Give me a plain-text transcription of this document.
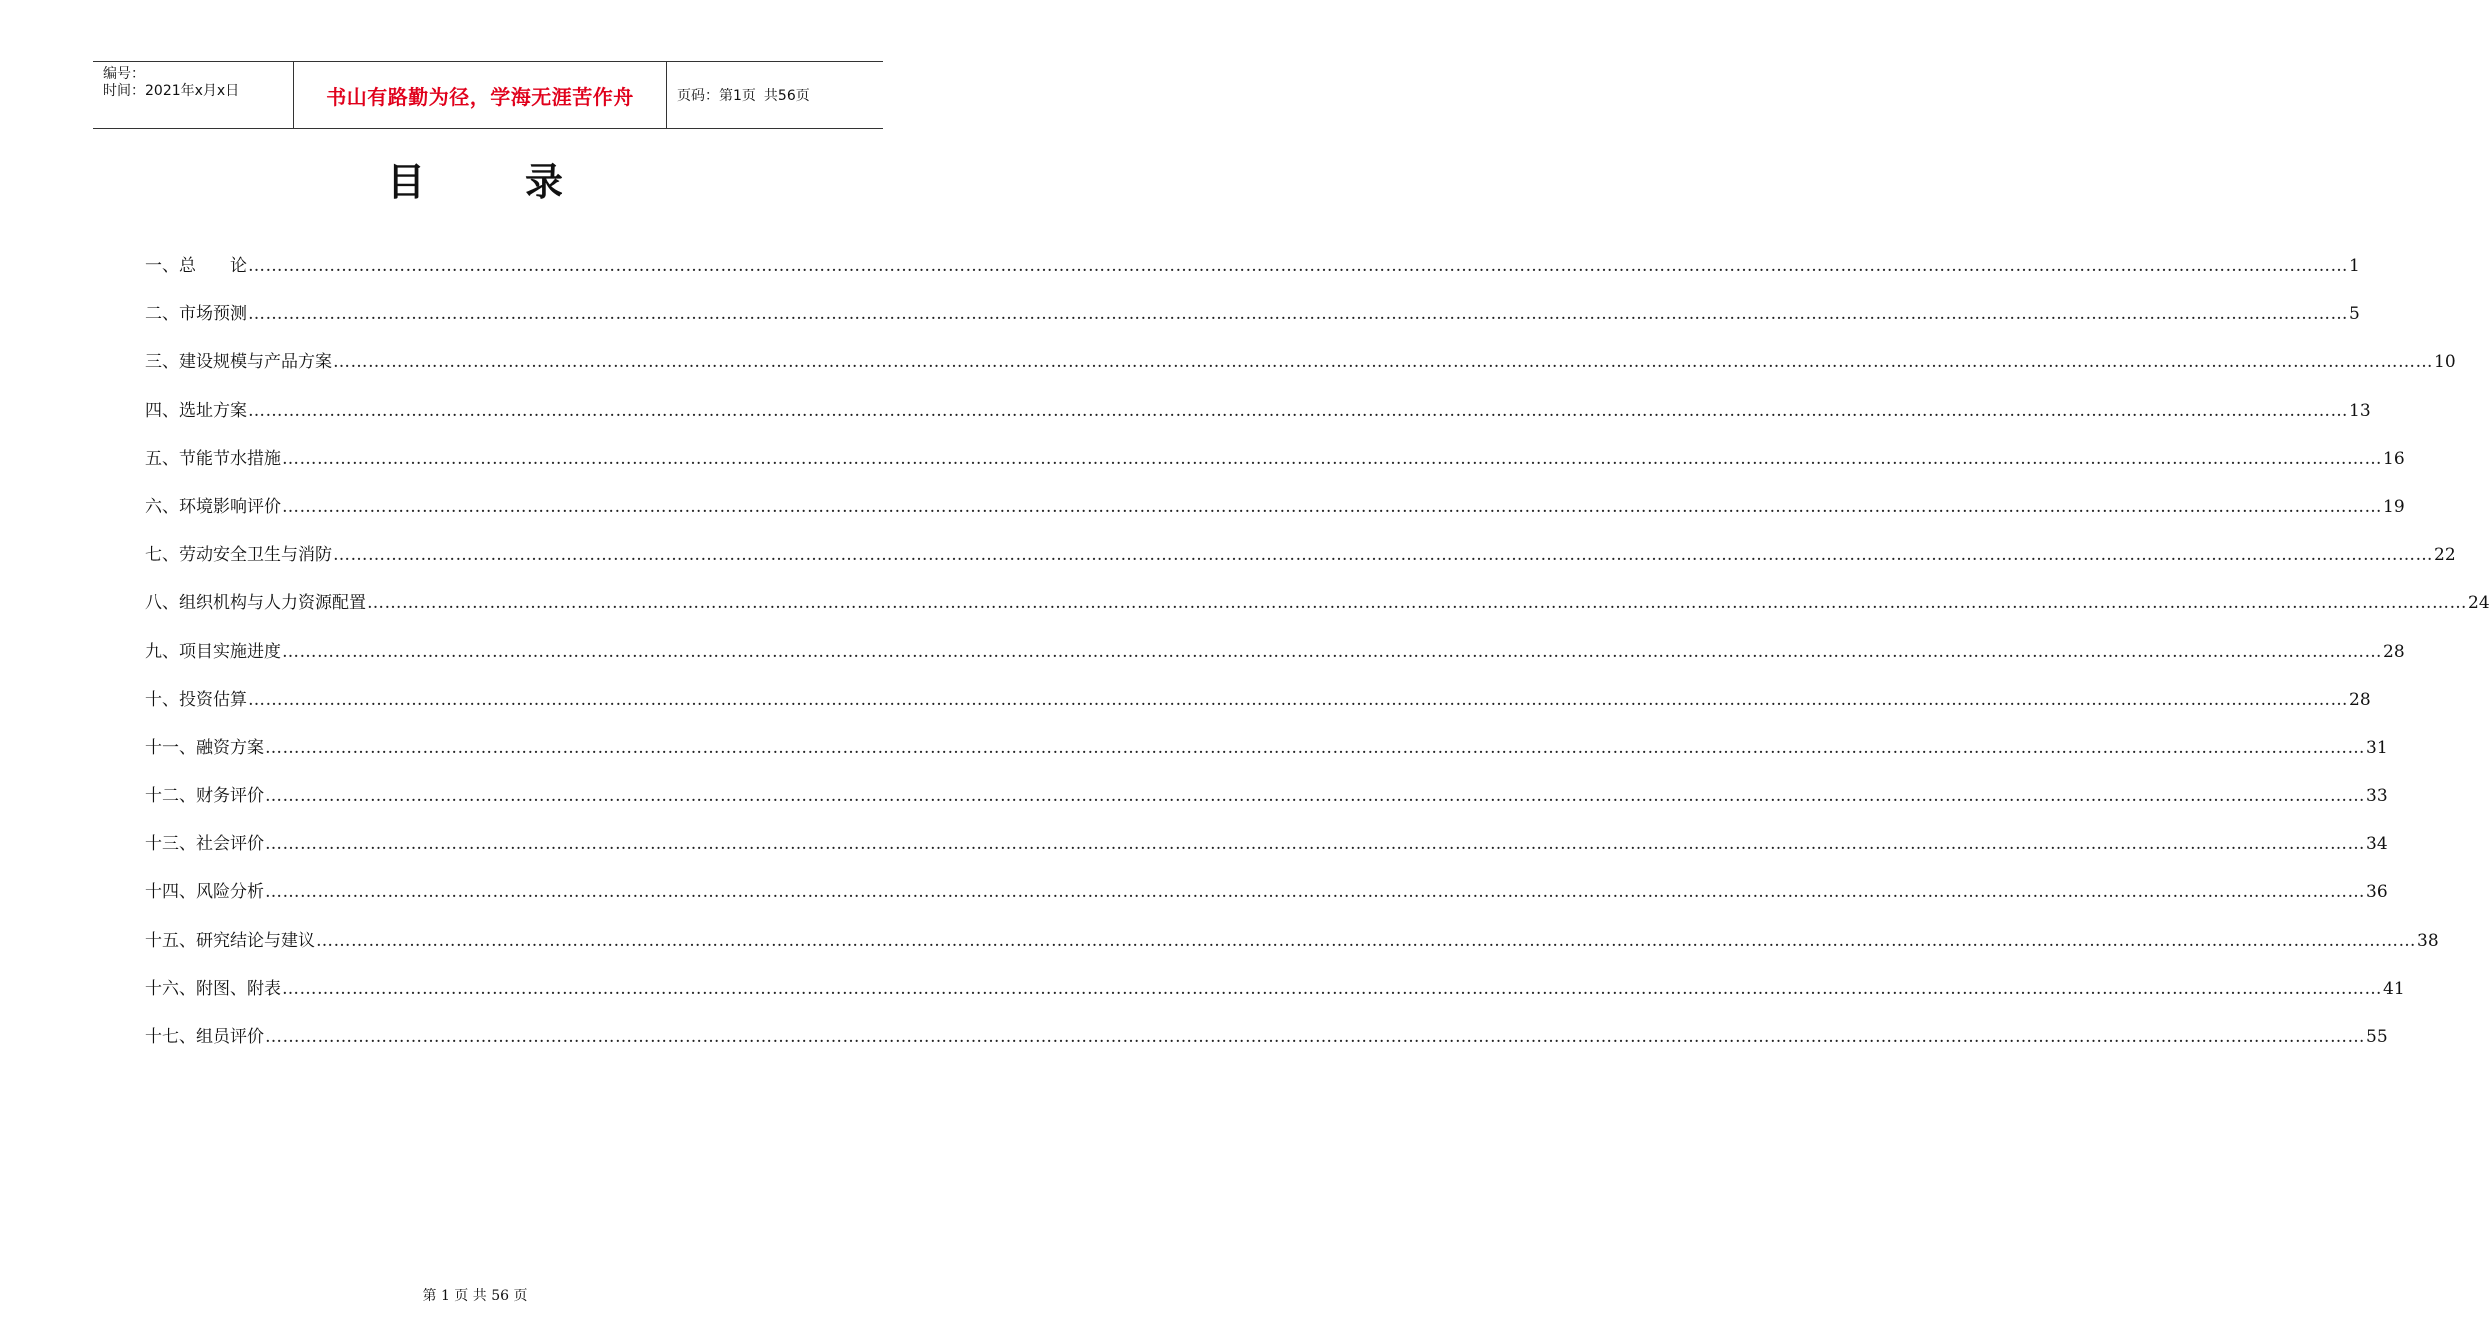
编号：
时间：2021年x月x日	书山有路勤为径，学海无涯苦作舟	页码：第1页 共56页
目	录
一、总　　论 ……………………………………………………………………………………………………………………………………………………………………………………………………………………………………………………………………………………………………………………………… 1
二、市场预测 ……………………………………………………………………………………………………………………………………………………………………………………………………………………………………………………………………………………………………………………………… 5
三、建设规模与产品方案 ……………………………………………………………………………………………………………………………………………………………………………………………………………………………………………………………………………………………………………………………… 10
四、选址方案 ……………………………………………………………………………………………………………………………………………………………………………………………………………………………………………………………………………………………………………………………… 13
五、节能节水措施 ……………………………………………………………………………………………………………………………………………………………………………………………………………………………………………………………………………………………………………………………… 16
六、环境影响评价 ……………………………………………………………………………………………………………………………………………………………………………………………………………………………………………………………………………………………………………………………… 19
七、劳动安全卫生与消防 ……………………………………………………………………………………………………………………………………………………………………………………………………………………………………………………………………………………………………………………………… 22
八、组织机构与人力资源配置 ……………………………………………………………………………………………………………………………………………………………………………………………………………………………………………………………………………………………………………………………… 24
九、项目实施进度 ……………………………………………………………………………………………………………………………………………………………………………………………………………………………………………………………………………………………………………………………… 28
十、投资估算 ……………………………………………………………………………………………………………………………………………………………………………………………………………………………………………………………………………………………………………………………… 28
十一、融资方案 ……………………………………………………………………………………………………………………………………………………………………………………………………………………………………………………………………………………………………………………………… 31
十二、财务评价 ……………………………………………………………………………………………………………………………………………………………………………………………………………………………………………………………………………………………………………………………… 33
十三、社会评价 ……………………………………………………………………………………………………………………………………………………………………………………………………………………………………………………………………………………………………………………………… 34
十四、风险分析 ……………………………………………………………………………………………………………………………………………………………………………………………………………………………………………………………………………………………………………………………… 36
十五、研究结论与建议 ……………………………………………………………………………………………………………………………………………………………………………………………………………………………………………………………………………………………………………………………… 38
十六、附图、附表 ……………………………………………………………………………………………………………………………………………………………………………………………………………………………………………………………………………………………………………………………… 41
十七、组员评价 ……………………………………………………………………………………………………………………………………………………………………………………………………………………………………………………………………………………………………………………………… 55
第 1 页 共 56 页
